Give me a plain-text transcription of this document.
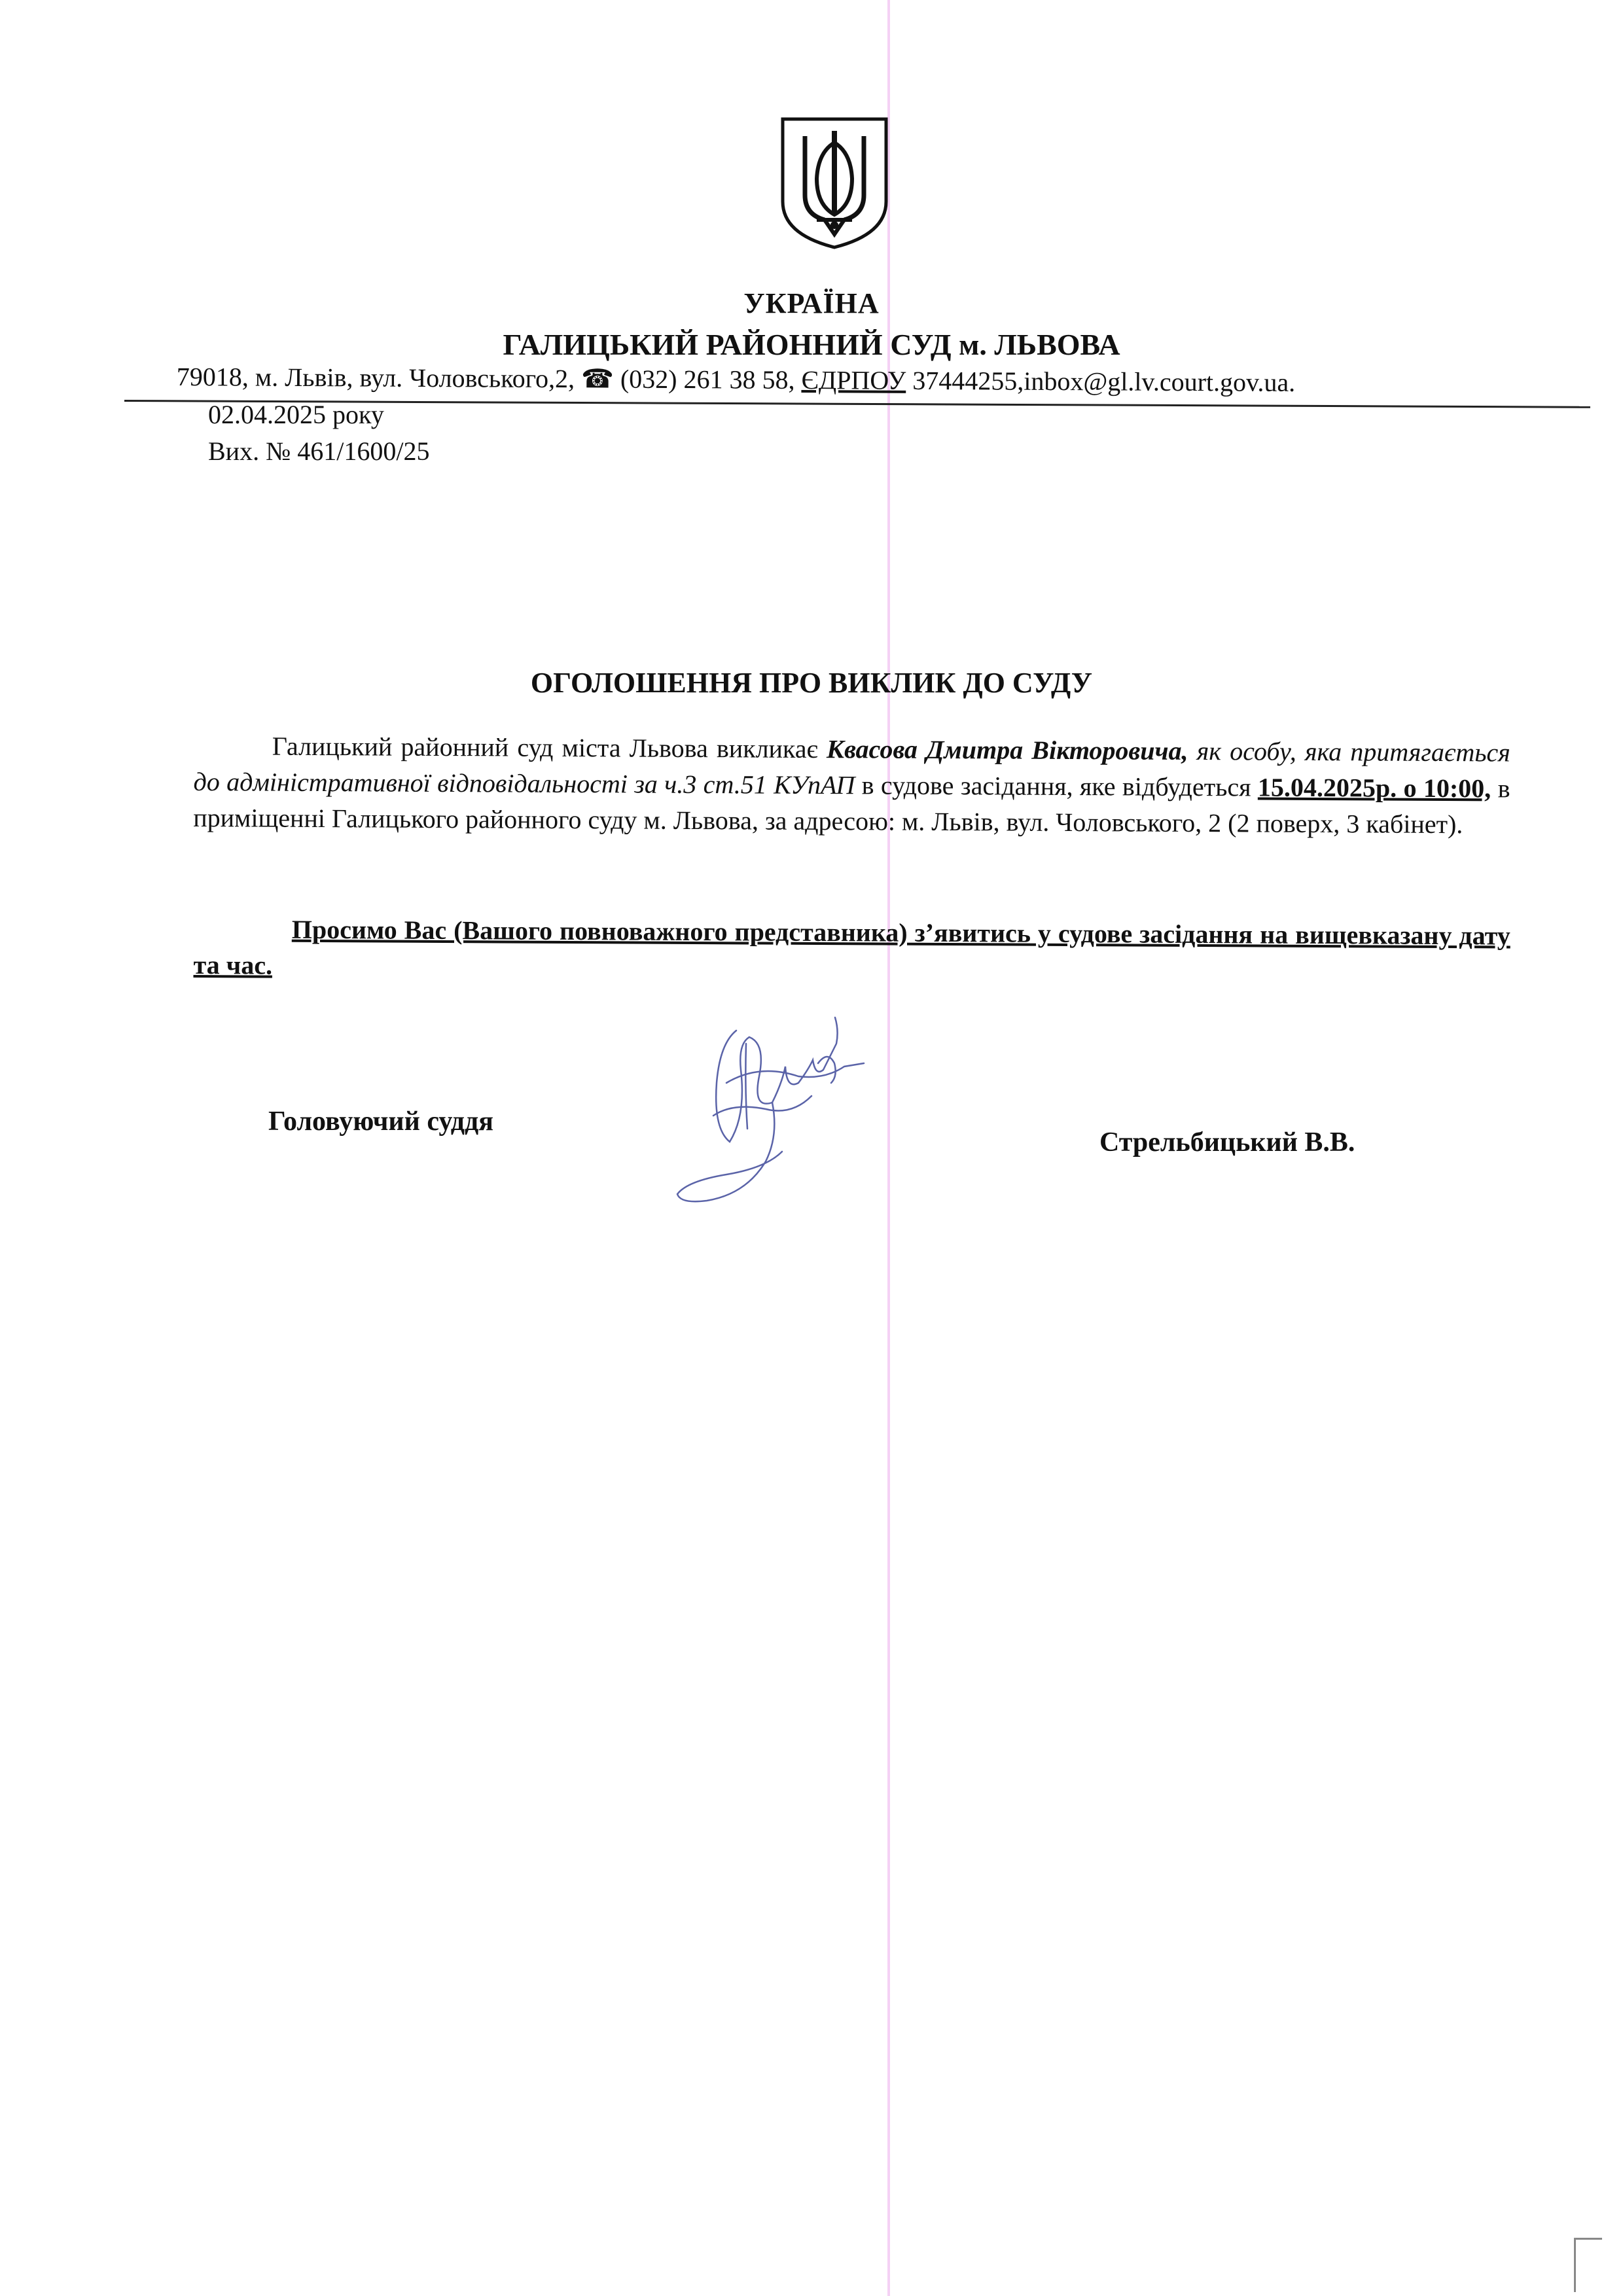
УКРАЇНА
ГАЛИЦЬКИЙ РАЙОННИЙ СУД м. ЛЬВОВА
79018, м. Львів, вул. Чоловського,2, ☎ (032) 261 38 58, ЄДРПОУ 37444255,inbox@gl.lv.court.gov.ua.
02.04.2025 року
Вих. № 461/1600/25
ОГОЛОШЕННЯ ПРО ВИКЛИК ДО СУДУ
Галицький районний суд міста Львова викликає Квасова Дмитра Вікторовича, як особу, яка притягається до адміністративної відповідальності за ч.3 ст.51 КУпАП в судове засідання, яке відбудеться 15.04.2025р. о 10:00, в приміщенні Галицького районного суду м. Львова, за адресою: м. Львів, вул. Чоловського, 2 (2 поверх, 3 кабінет).
Просимо Вас (Вашого повноважного представника) з’явитись у судове засідання на вищевказану дату та час.
Головуючий суддя
Стрельбицький В.В.
